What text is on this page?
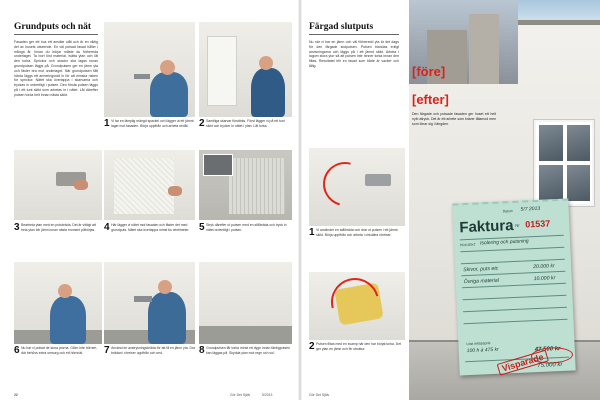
Grundputs och nät
Fasaden ger ett hus ett ansikte utåt och är en viktig del av husets utseende. En väl putsad fasad håller i många år. Innan du börjar måste du förbereda underlaget. Ta bort löst material, tvätta ytan och låt den torka. Sprickor och skador ska lagas innan grundputsen läggs på. Grundputsen ger en jämn yta och fäster bra mot underlaget. När grundputsen fått härda läggs ett armeringsnät in för att minska risken för sprickor. Nätet ska överlappa i skarvarna och tryckas in ordentligt i putsen. Den första putsen läggs på i ett tunt skikt som arbetas in i nätet. Låt därefter putsen torka helt innan nästa skikt.
1 Vi tar en lämplig mängd spackel och lägger ut ett jämnt lager mot fasaden. Börja uppifrån och arbeta nedåt.	2 Samtliga skarvar förstärks. Först lägger vi på ett tunt skikt och trycker in nätet i ytan. Låt torka.
3 Bearbeta ytan med en putsbräda. Det är viktigt att hela ytan blir jämn innan nästa moment påbörjas. 4 Här lägger vi nätet mot fasaden och fäster det med grundputs. Nätet ska överlappa minst tio centimeter. 5 Stryk därefter ut putsen med en stålbräda och tryck in nätet ordentligt i putsen.
6 Nu har vi putsat de stora ytorna. Glöm inte hörnen, där behövs extra omsorg och ett hörnnät.	7 Använd en avstrykningsbräda för att få en jämn yta. Dra brädan i rörelser uppifrån och ned.	8 Grundputsen får torka minst ett dygn innan färdigputsen kan läggas på. Skydda ytan mot regn och sol.
22	Gör Det Själv	5/2013
Färgad slutputs
Nu när vi har en jämn och väl förberedd yta är det dags för den färgade slutputsen. Putsen blandas enligt anvisningarna och läggs på i ett jämnt skikt. Arbeta i lagom stora ytor så att putsen inte hinner torka innan den filtas. Resultatet blir en fasad som både är vacker och tålig.
1 Vi använder en stålbräda och drar ut putsen i ett jämnt skikt. Börja uppifrån och arbeta i cirkulära rörelser.
2 Putsen filtas med en svamp när den har börjat torka. Det ger ytan en jämn och fin struktur.
Gör Det Själv
[före]
[efter]
Den färgade och putsade fasaden ger huset ett helt nytt uttryck. Det är ett arbete som kräver tålamod men som lönar sig i längden.
Datum 5/7 2013
Faktura Nr 01537
PROJEKT Isolering och putsning
Skivor, puts etc	20.000 kr
Övriga material	10.000 kr
Löst inköpspris
100 h á 475 kr	47.500 kr
Visparade
75.000 kr
